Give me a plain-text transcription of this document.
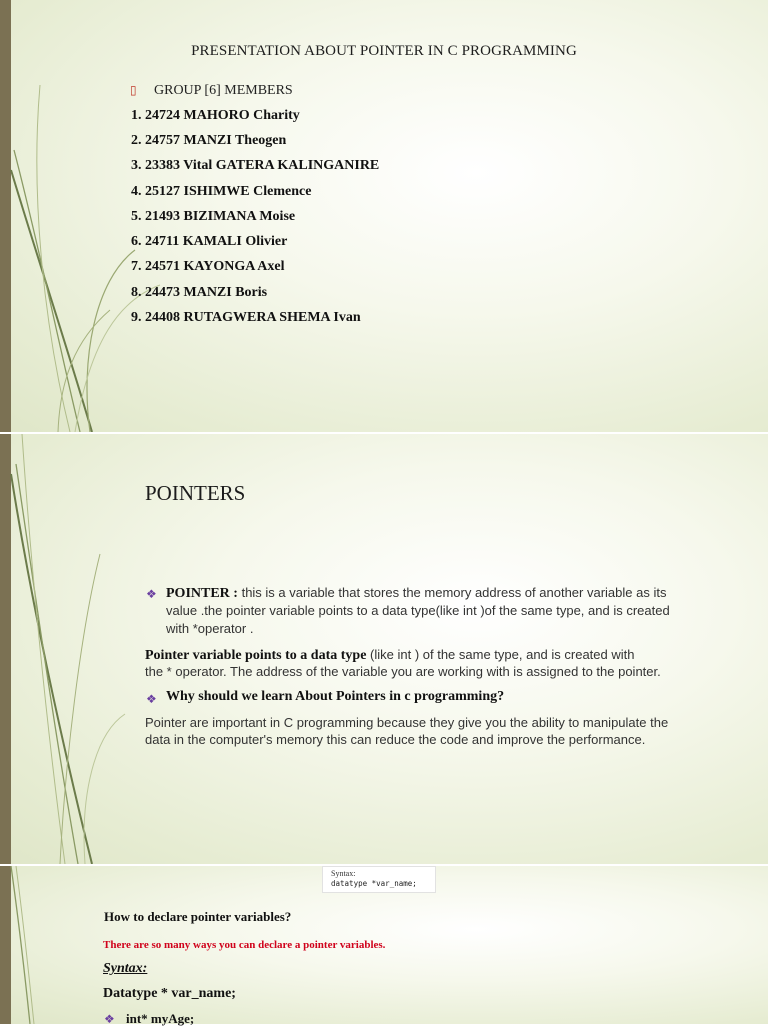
PRESENTATION ABOUT POINTER IN C PROGRAMMING
▯ GROUP [6] MEMBERS
1. 24724 MAHORO Charity
2. 24757 MANZI Theogen
3. 23383 Vital GATERA KALINGANIRE
4. 25127 ISHIMWE Clemence
5. 21493 BIZIMANA Moise
6. 24711 KAMALI Olivier
7. 24571 KAYONGA Axel
8. 24473 MANZI Boris
9. 24408 RUTAGWERA SHEMA Ivan
POINTERS
❖ POINTER : this is a variable that stores the memory address of another variable as its
value .the pointer variable points to a data type(like int )of the same type, and is created
with *operator .
Pointer variable points to a data type (like int ) of the same type, and is created with
the * operator. The address of the variable you are working with is assigned to the pointer.
❖ Why should we learn About Pointers in c programming?
Pointer are important in C programming because they give you the ability to manipulate the
data in the computer's memory this can reduce the code and improve the performance.
Syntax:
datatype *var_name;
How to declare pointer variables?
There are so many ways you can declare a pointer variables.
Syntax:
Datatype * var_name;
❖ int* myAge;
